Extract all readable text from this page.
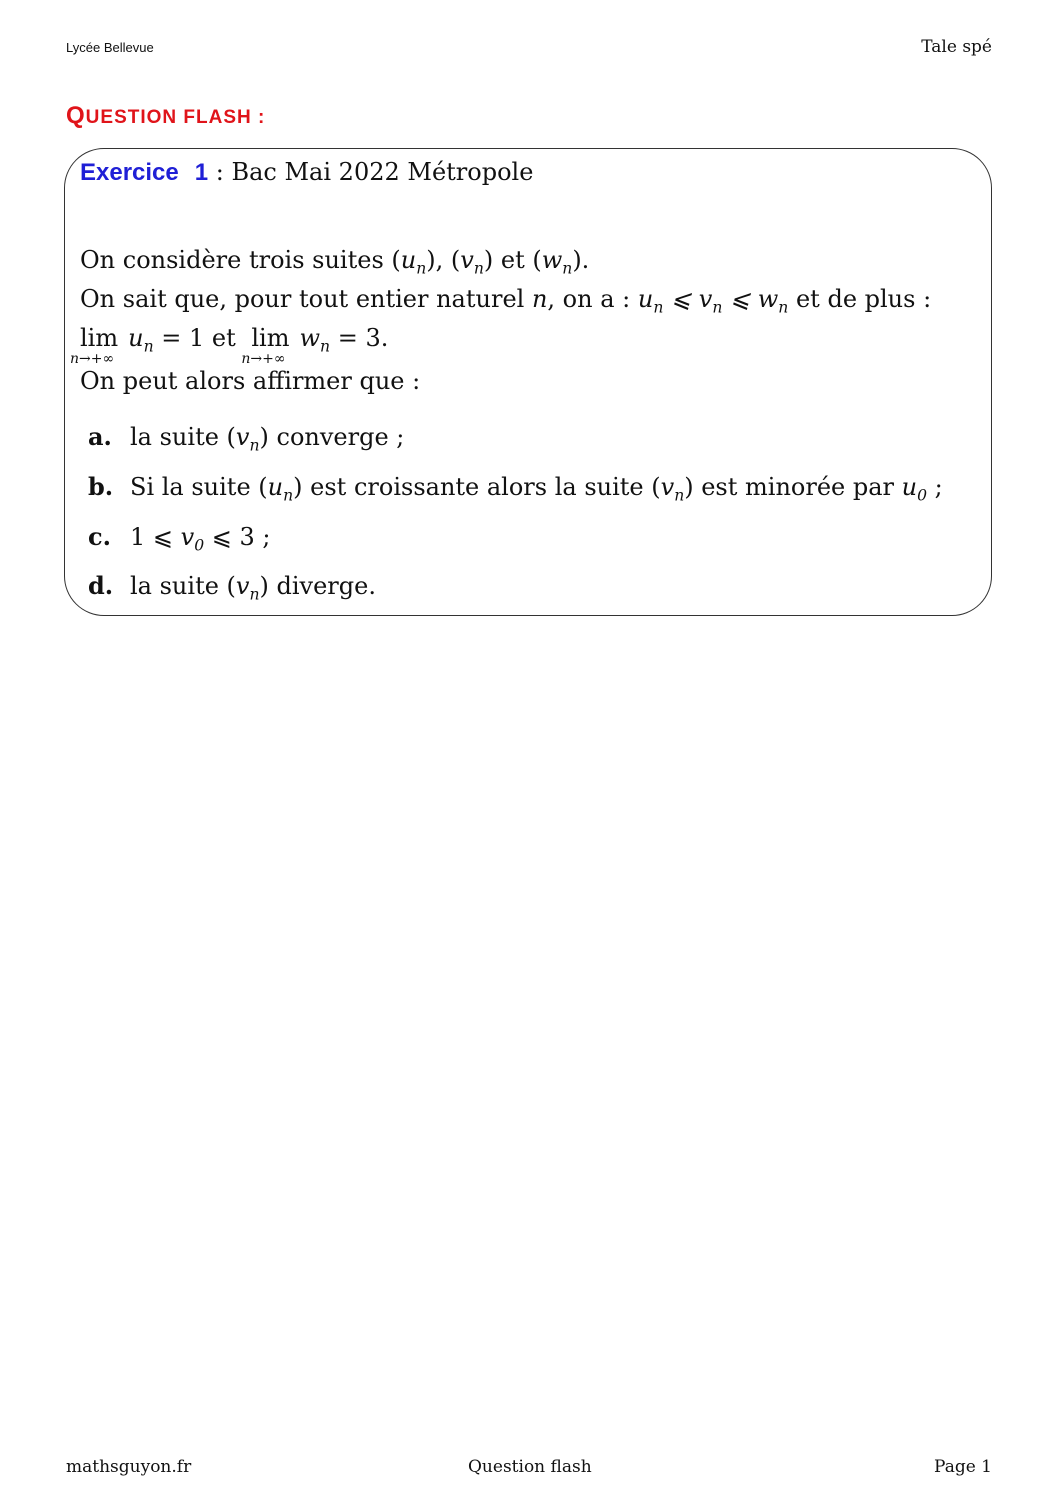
Lycée Bellevue	Tale spé
QUESTION FLASH :
Exercice 1 : Bac Mai 2022 Métropole
On considère trois suites $(u_n)$, $(v_n)$ et $(w_n)$.
On sait que, pour tout entier naturel n, on a : $u_n$ ⩽ $v_n$ ⩽ $w_n$ et de plus :
lim
n→+∞
$u_n = 1$ et lim
n→+∞
$w_n = 3$.
On peut alors affirmer que :
a. la suite $(v_n)$ converge ;
b. Si la suite $(u_n)$ est croissante alors la suite $(v_n)$ est minorée par $u_0$ ;
c. 1 ⩽ $v_0$ ⩽ 3 ;
d. la suite $(v_n)$ diverge.
mathsguyon.fr	Question flash	Page 1
